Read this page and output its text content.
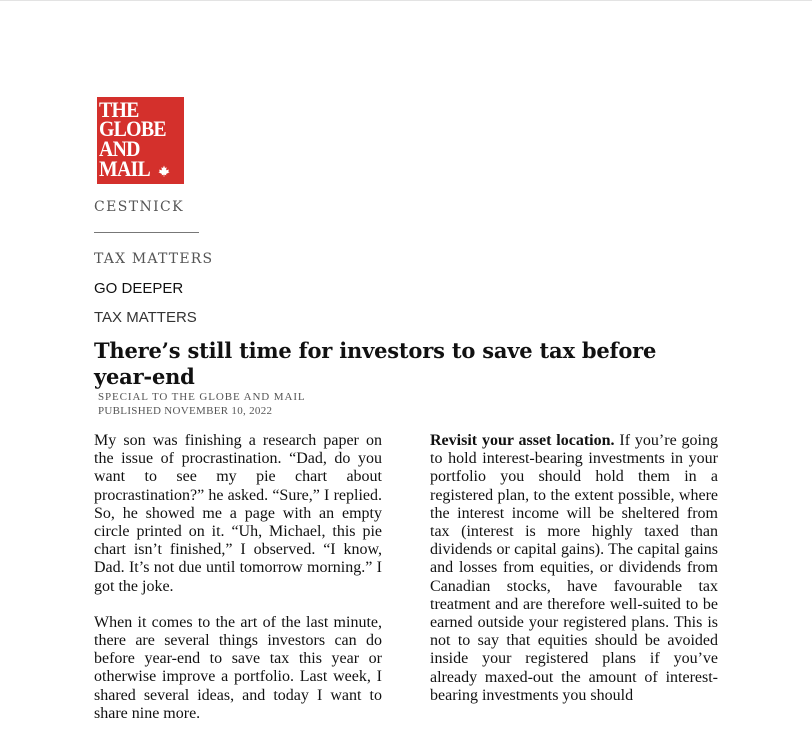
THE
GLOBE
AND
MAIL
CESTNICK
TAX MATTERS
GO DEEPER
TAX MATTERS
There’s still time for investors to save tax before year-end
SPECIAL TO THE GLOBE AND MAIL
PUBLISHED NOVEMBER 10, 2022

My son was finishing a research paper on the issue of procrastination. “Dad, do you want to see my pie chart about procrastination?” he asked. “Sure,” I replied. So, he showed me a page with an empty circle printed on it. “Uh, Michael, this pie chart isn’t finished,” I observed. “I know, Dad. It’s not due until tomorrow morning.” I got the joke.

When it comes to the art of the last minute, there are several things investors can do before year-end to save tax this year or otherwise improve a portfolio. Last week, I shared several ideas, and today I want to share nine more.

Revisit your asset location. If you’re going to hold interest-bearing investments in your portfolio you should hold them in a registered plan, to the extent possible, where the interest income will be sheltered from tax (interest is more highly taxed than dividends or capital gains). The capital gains and losses from equities, or dividends from Canadian stocks, have favourable tax treatment and are therefore well-suited to be earned outside your registered plans. This is not to say that equities should be avoided inside your registered plans if you’ve already maxed-out the amount of interest-bearing investments you should
